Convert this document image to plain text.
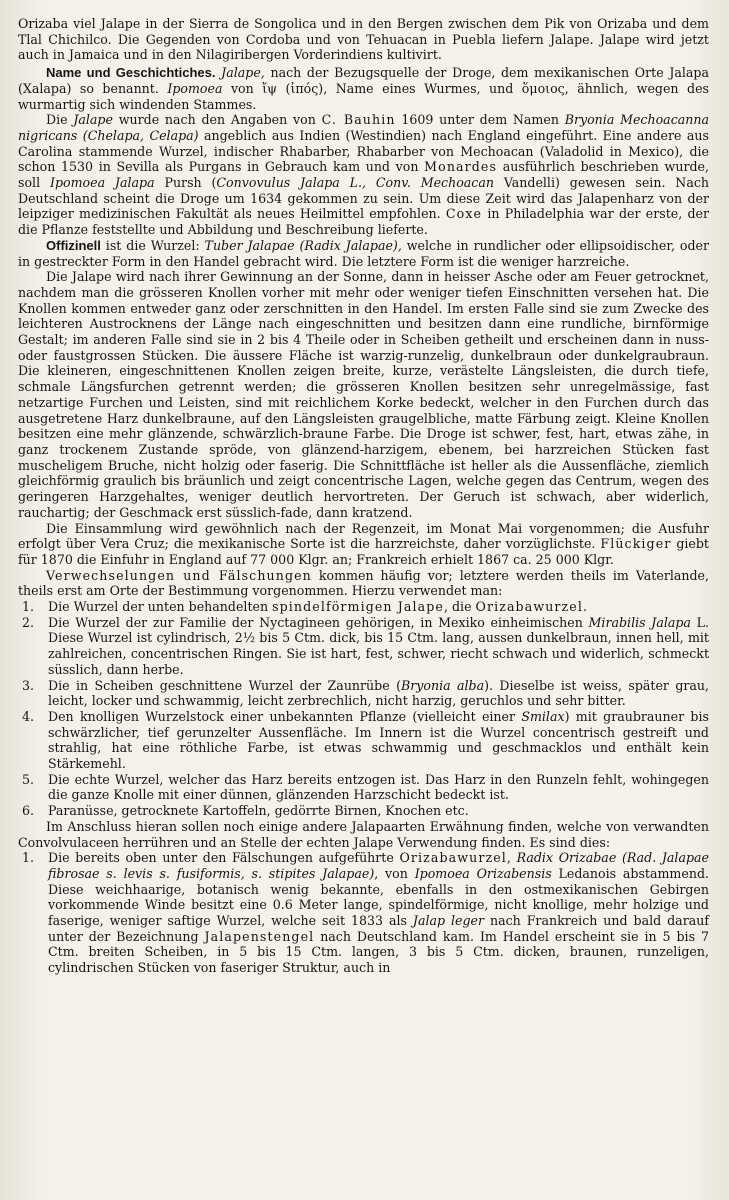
Orizaba viel Jalape in der Sierra de Songolica und in den Bergen zwischen dem Pik von Orizaba und dem Tlal Chichilco. Die Gegenden von Cordoba und von Tehuacan in Puebla liefern Jalape. Jalape wird jetzt auch in Jamaica und in den Nilagiribergen Vorderindiens kultivirt.

Name und Geschichtiches. Jalape, nach der Bezugsquelle der Droge, dem mexikanischen Orte Jalapa (Xalapa) so benannt. Ipomoea von ἴψ (ἰπός), Name eines Wurmes, und ὅμοιος, ähnlich, wegen des wurmartig sich windenden Stammes.

Die Jalape wurde nach den Angaben von C. Bauhin 1609 unter dem Namen Bryonia Mechoacanna nigricans (Chelapa, Celapa) angeblich aus Indien (Westindien) nach England eingeführt. Eine andere aus Carolina stammende Wurzel, indischer Rhabarber, Rhabarber von Mechoacan (Valadolid in Mexico), die schon 1530 in Sevilla als Purgans in Gebrauch kam und von Monardes ausführlich beschrieben wurde, soll Ipomoea Jalapa Pursh (Convovulus Jalapa L., Conv. Mechoacan Vandelli) gewesen sein. Nach Deutschland scheint die Droge um 1634 gekommen zu sein. Um diese Zeit wird das Jalapenharz von der leipziger medizinischen Fakultät als neues Heilmittel empfohlen. Coxe in Philadelphia war der erste, der die Pflanze feststellte und Abbildung und Beschreibung lieferte.

Offizinell ist die Wurzel: Tuber Jalapae (Radix Jalapae), welche in rundlicher oder ellipsoidischer, oder in gestreckter Form in den Handel gebracht wird. Die letztere Form ist die weniger harzreiche.

Die Jalape wird nach ihrer Gewinnung an der Sonne, dann in heisser Asche oder am Feuer getrocknet, nachdem man die grösseren Knollen vorher mit mehr oder weniger tiefen Einschnitten versehen hat. Die Knollen kommen entweder ganz oder zerschnitten in den Handel. Im ersten Falle sind sie zum Zwecke des leichteren Austrocknens der Länge nach eingeschnitten und besitzen dann eine rundliche, birnförmige Gestalt; im anderen Falle sind sie in 2 bis 4 Theile oder in Scheiben getheilt und erscheinen dann in nuss- oder faustgrossen Stücken. Die äussere Fläche ist warzig-runzelig, dunkelbraun oder dunkelgraubraun. Die kleineren, eingeschnittenen Knollen zeigen breite, kurze, verästelte Längsleisten, die durch tiefe, schmale Längsfurchen getrennt werden; die grösseren Knollen besitzen sehr unregelmässige, fast netzartige Furchen und Leisten, sind mit reichlichem Korke bedeckt, welcher in den Furchen durch das ausgetretene Harz dunkelbraune, auf den Längsleisten graugelbliche, matte Färbung zeigt. Kleine Knollen besitzen eine mehr glänzende, schwärzlich-braune Farbe. Die Droge ist schwer, fest, hart, etwas zähe, in ganz trockenem Zustande spröde, von glänzend-harzigem, ebenem, bei harzreichen Stücken fast muscheligem Bruche, nicht holzig oder faserig. Die Schnittfläche ist heller als die Aussenfläche, ziemlich gleichförmig graulich bis bräunlich und zeigt concentrische Lagen, welche gegen das Centrum, wegen des geringeren Harzgehaltes, weniger deutlich hervortreten. Der Geruch ist schwach, aber widerlich, rauchartig; der Geschmack erst süsslich-fade, dann kratzend.

Die Einsammlung wird gewöhnlich nach der Regenzeit, im Monat Mai vorgenommen; die Ausfuhr erfolgt über Vera Cruz; die mexikanische Sorte ist die harzreichste, daher vorzüglichste. Flückiger giebt für 1870 die Einfuhr in England auf 77 000 Klgr. an; Frankreich erhielt 1867 ca. 25 000 Klgr.

Verwechselungen und Fälschungen kommen häufig vor; letztere werden theils im Vaterlande, theils erst am Orte der Bestimmung vorgenommen. Hierzu verwendet man:

1. Die Wurzel der unten behandelten spindelförmigen Jalape, die Orizabawurzel.
2. Die Wurzel der zur Familie der Nyctagineen gehörigen, in Mexiko einheimischen Mirabilis Jalapa L. Diese Wurzel ist cylindrisch, 2½ bis 5 Ctm. dick, bis 15 Ctm. lang, aussen dunkelbraun, innen hell, mit zahlreichen, concentrischen Ringen. Sie ist hart, fest, schwer, riecht schwach und widerlich, schmeckt süsslich, dann herbe.
3. Die in Scheiben geschnittene Wurzel der Zaunrübe (Bryonia alba). Dieselbe ist weiss, später grau, leicht, locker und schwammig, leicht zerbrechlich, nicht harzig, geruchlos und sehr bitter.
4. Den knolligen Wurzelstock einer unbekannten Pflanze (vielleicht einer Smilax) mit graubrauner bis schwärzlicher, tief gerunzelter Aussenfläche. Im Innern ist die Wurzel concentrisch gestreift und strahlig, hat eine röthliche Farbe, ist etwas schwammig und geschmacklos und enthält kein Stärkemehl.
5. Die echte Wurzel, welcher das Harz bereits entzogen ist. Das Harz in den Runzeln fehlt, wohingegen die ganze Knolle mit einer dünnen, glänzenden Harzschicht bedeckt ist.
6. Paranüsse, getrocknete Kartoffeln, gedörrte Birnen, Knochen etc.

Im Anschluss hieran sollen noch einige andere Jalapaarten Erwähnung finden, welche von verwandten Convolvulaceen herrühren und an Stelle der echten Jalape Verwendung finden. Es sind dies:

1. Die bereits oben unter den Fälschungen aufgeführte Orizabawurzel, Radix Orizabae (Rad. Jalapae fibrosae s. levis s. fusiformis, s. stipites Jalapae), von Ipomoea Orizabensis Ledanois abstammend. Diese weichhaarige, botanisch wenig bekannte, ebenfalls in den ostmexikanischen Gebirgen vorkommende Winde besitzt eine 0.6 Meter lange, spindelförmige, nicht knollige, mehr holzige und faserige, weniger saftige Wurzel, welche seit 1833 als Jalap leger nach Frankreich und bald darauf unter der Bezeichnung Jalapenstengel nach Deutschland kam. Im Handel erscheint sie in 5 bis 7 Ctm. breiten Scheiben, in 5 bis 15 Ctm. langen, 3 bis 5 Ctm. dicken, braunen, runzeligen, cylindrischen Stücken von faseriger Struktur, auch in
